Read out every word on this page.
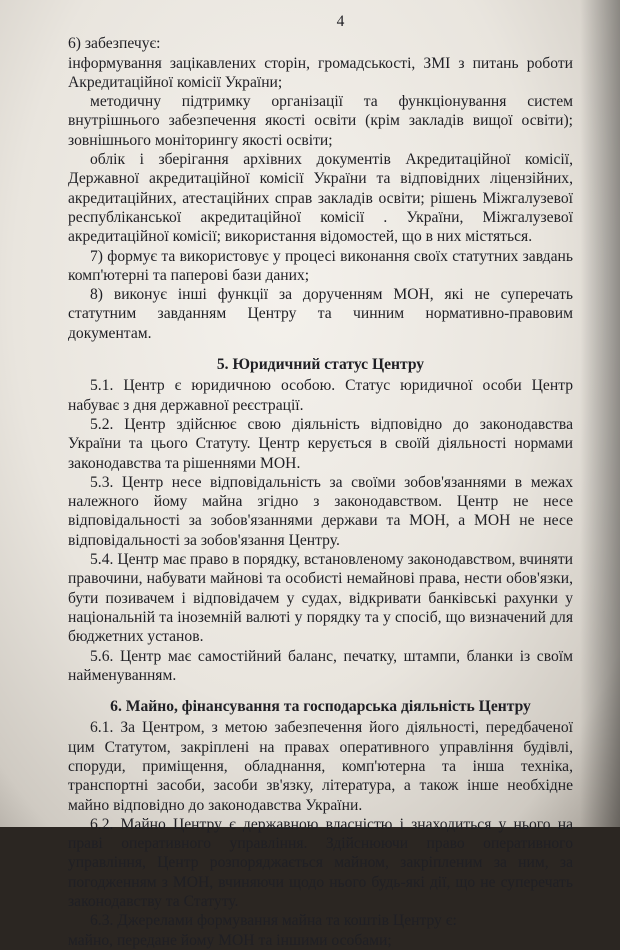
4

6) забезпечує:

інформування зацікавлених сторін, громадськості, ЗМІ з питань роботи Акредитаційної комісії України;

методичну підтримку організації та функціонування систем внутрішнього забезпечення якості освіти (крім закладів вищої освіти); зовнішнього моніторингу якості освіти;

облік і зберігання архівних документів Акредитаційної комісії, Державної акредитаційної комісії України та відповідних ліцензійних, акредитаційних, атестаційних справ закладів освіти; рішень Міжгалузевої республіканської акредитаційної комісії . України, Міжгалузевої акредитаційної комісії; використання відомостей, що в них містяться.

7) формує та використовує у процесі виконання своїх статутних завдань комп'ютерні та паперові бази даних;

8) виконує інші функції за дорученням МОН, які не суперечать статутним завданням Центру та чинним нормативно-правовим документам.

5. Юридичний статус Центру

5.1. Центр є юридичною особою. Статус юридичної особи Центр набуває з дня державної реєстрації.

5.2. Центр здійснює свою діяльність відповідно до законодавства України та цього Статуту. Центр керується в своїй діяльності нормами законодавства та рішеннями МОН.

5.3. Центр несе відповідальність за своїми зобов'язаннями в межах належного йому майна згідно з законодавством. Центр не несе відповідальності за зобов'язаннями держави та МОН, а МОН не несе відповідальності за зобов'язання Центру.

5.4. Центр має право в порядку, встановленому законодавством, вчиняти правочини, набувати майнові та особисті немайнові права, нести обов'язки, бути позивачем і відповідачем у судах, відкривати банківські рахунки у національній та іноземній валюті у порядку та у спосіб, що визначений для бюджетних установ.

5.6. Центр має самостійний баланс, печатку, штампи, бланки із своїм найменуванням.

6. Майно, фінансування та господарська діяльність Центру

6.1. За Центром, з метою забезпечення його діяльності, передбаченої цим Статутом, закріплені на правах оперативного управління будівлі, споруди, приміщення, обладнання, комп'ютерна та інша техніка, транспортні засоби, засоби зв'язку, література, а також інше необхідне майно відповідно до законодавства України.

6.2. Майно Центру є державною власністю і знаходиться у нього на праві оперативного управління. Здійснюючи право оперативного управління, Центр розпоряджається майном, закріпленим за ним, за погодженням з МОН, вчиняючи щодо нього будь-які дії, що не суперечать законодавству та Статуту.

6.3. Джерелами формування майна та коштів Центру є:

майно, передане йому МОН та іншими особами;
